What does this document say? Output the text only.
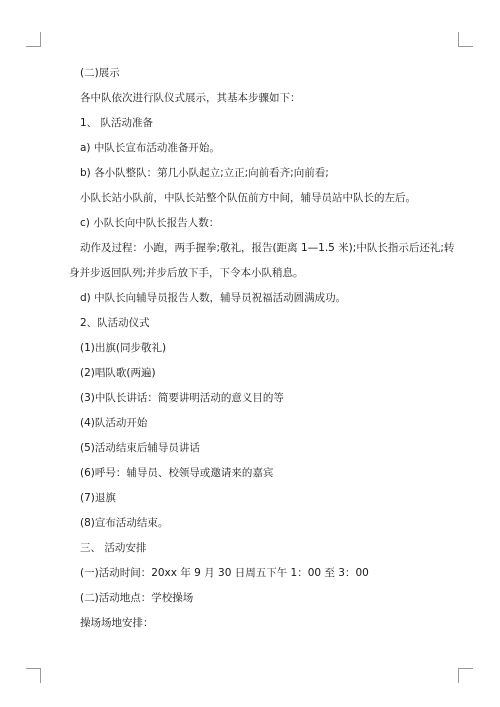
(二)展示

各中队依次进行队仪式展示，其基本步骤如下：

1、 队活动准备

a) 中队长宣布活动准备开始。

b) 各小队整队：第几小队起立;立正;向前看齐;向前看;

小队长站小队前，中队长站整个队伍前方中间，辅导员站中队长的左后。

c) 小队长向中队长报告人数：

动作及过程：小跑，两手握拳;敬礼，报告(距离 1—1.5 米);中队长指示后还礼;转

身并步返回队列;并步后放下手，下令本小队稍息。

d) 中队长向辅导员报告人数，辅导员祝福活动圆满成功。

2、队活动仪式

(1)出旗(同步敬礼)

(2)唱队歌(两遍)

(3)中队长讲话：简要讲明活动的意义目的等

(4)队活动开始

(5)活动结束后辅导员讲话

(6)呼号：辅导员、校领导或邀请来的嘉宾

(7)退旗

(8)宣布活动结束。

三、 活动安排

(一)活动时间：20xx 年 9 月 30 日周五下午 1：00 至 3：00

(二)活动地点：学校操场

操场场地安排：
